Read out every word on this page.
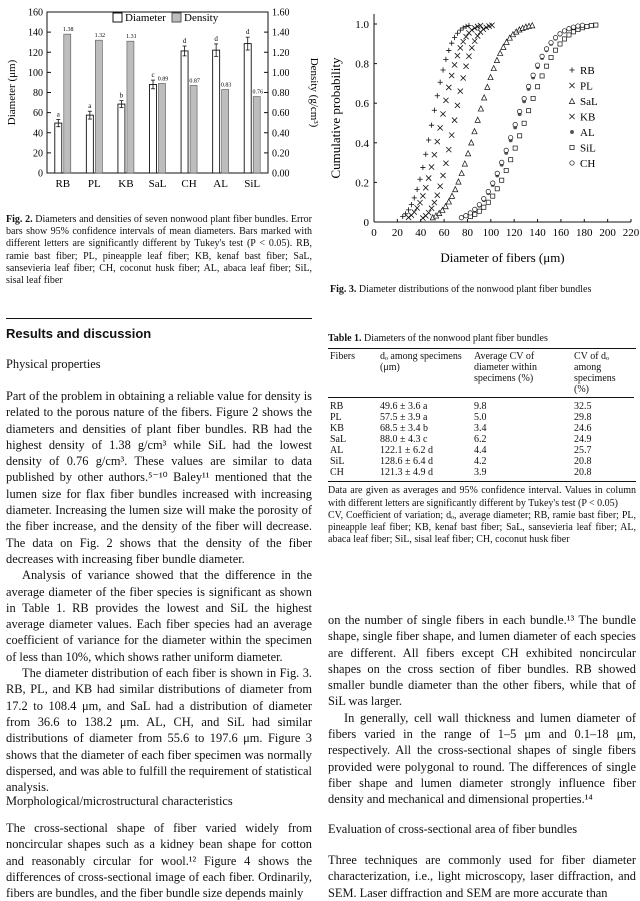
0
20
40
60
80
100
120
140
160
0.00
0.20
0.40
0.60
0.80
1.00
1.20
1.40
1.60
Diameter (μm)	Density (g/cm³)
RB
a
1.38
PL
a
1.32
KB
b
1.31
SaL
c
0.89
CH
d
0.87
AL
d
0.83
SiL
d
0.76
Diameter Density
Fig. 2. Diameters and densities of seven nonwood plant fiber bundles. Error bars show 95% confidence intervals of mean diameters. Bars marked with different letters are significantly different by Tukey's test (P < 0.05). RB, ramie bast fiber; PL, pineapple leaf fiber; KB, kenaf bast fiber; SaL, sansevieria leaf fiber; CH, coconut husk fiber; AL, abaca leaf fiber; SiL, sisal leaf fiber
0 20 40 60 80 100 120 140 160 180 200 220
0
0.2
0.4
0.6
0.8
1.0
Diameter of fibers (μm)
Cumulative probability	RB
PL
SaL
KB
AL
SiL
CH
Fig. 3. Diameter distributions of the nonwood plant fiber bundles
Results and discussion
Physical properties

Part of the problem in obtaining a reliable value for density is related to the porous nature of the fibers. Figure 2 shows the diameters and densities of plant fiber bundles. RB had the highest density of 1.38 g/cm³ while SiL had the lowest density of 0.76 g/cm³. These values are similar to data published by other authors.⁵⁻¹⁰ Baley¹¹ mentioned that the lumen size for flax fiber bundles increased with increasing diameter. Increasing the lumen size will make the porosity of the fiber increase, and the density of the fiber will decrease. The data on Fig. 2 shows that the density of the fiber decreases with increasing fiber bundle diameter.

Analysis of variance showed that the difference in the average diameter of the fiber species is significant as shown in Table 1. RB provides the lowest and SiL the highest average diameter values. Each fiber species had an average coefficient of variance for the diameter within the specimen of less than 10%, which shows rather uniform diameter.

The diameter distribution of each fiber is shown in Fig. 3. RB, PL, and KB had similar distributions of diameter from 17.2 to 108.4 μm, and SaL had a distribution of diameter from 36.6 to 138.2 μm. AL, CH, and SiL had similar distributions of diameter from 55.6 to 197.6 μm. Figure 3 shows that the diameter of each fiber specimen was normally dispersed, and was able to fulfill the requirement of statistical analysis.

Morphological/microstructural characteristics

The cross-sectional shape of fiber varied widely from noncircular shapes such as a kidney bean shape for cotton and reasonably circular for wool.¹² Figure 4 shows the differences of cross-sectional image of each fiber. Ordinarily, fibers are bundles, and the fiber bundle size depends mainly

Table 1. Diameters of the nonwood plant fiber bundles
Fibers	dₒ among specimens (μm)	Average CV of diameter within specimens (%)	CV of dₒ among specimens (%)
RB	49.6 ± 3.6 a	9.8	32.5
PL	57.5 ± 3.9 a	5.0	29.8
KB	68.5 ± 3.4 b	3.4	24.6
SaL	88.0 ± 4.3 c	6.2	24.9
AL	122.1 ± 6.2 d	4.4	25.7
SiL	128.6 ± 6.4 d	4.2	20.8
CH	121.3 ± 4.9 d	3.9	20.8
Data are given as averages and 95% confidence interval. Values in column with different letters are significantly different by Tukey's test (P < 0.05)
CV, Coefficient of variation; dₒ, average diameter; RB, ramie bast fiber; PL, pineapple leaf fiber; KB, kenaf bast fiber; SaL, sansevieria leaf fiber; AL, abaca leaf fiber; SiL, sisal leaf fiber; CH, coconut husk fiber

on the number of single fibers in each bundle.¹³ The bundle shape, single fiber shape, and lumen diameter of each species are different. All fibers except CH exhibited noncircular shapes on the cross section of fiber bundles. RB showed smaller bundle diameter than the other fibers, while that of SiL was larger.

In generally, cell wall thickness and lumen diameter of fibers varied in the range of 1–5 μm and 0.1–18 μm, respectively. All the cross-sectional shapes of single fibers provided were polygonal to round. The differences of single fiber shape and lumen diameter strongly influence fiber density and mechanical and dimensional properties.¹⁴

Evaluation of cross-sectional area of fiber bundles

Three techniques are commonly used for fiber diameter characterization, i.e., light microscopy, laser diffraction, and SEM. Laser diffraction and SEM are more accurate than
